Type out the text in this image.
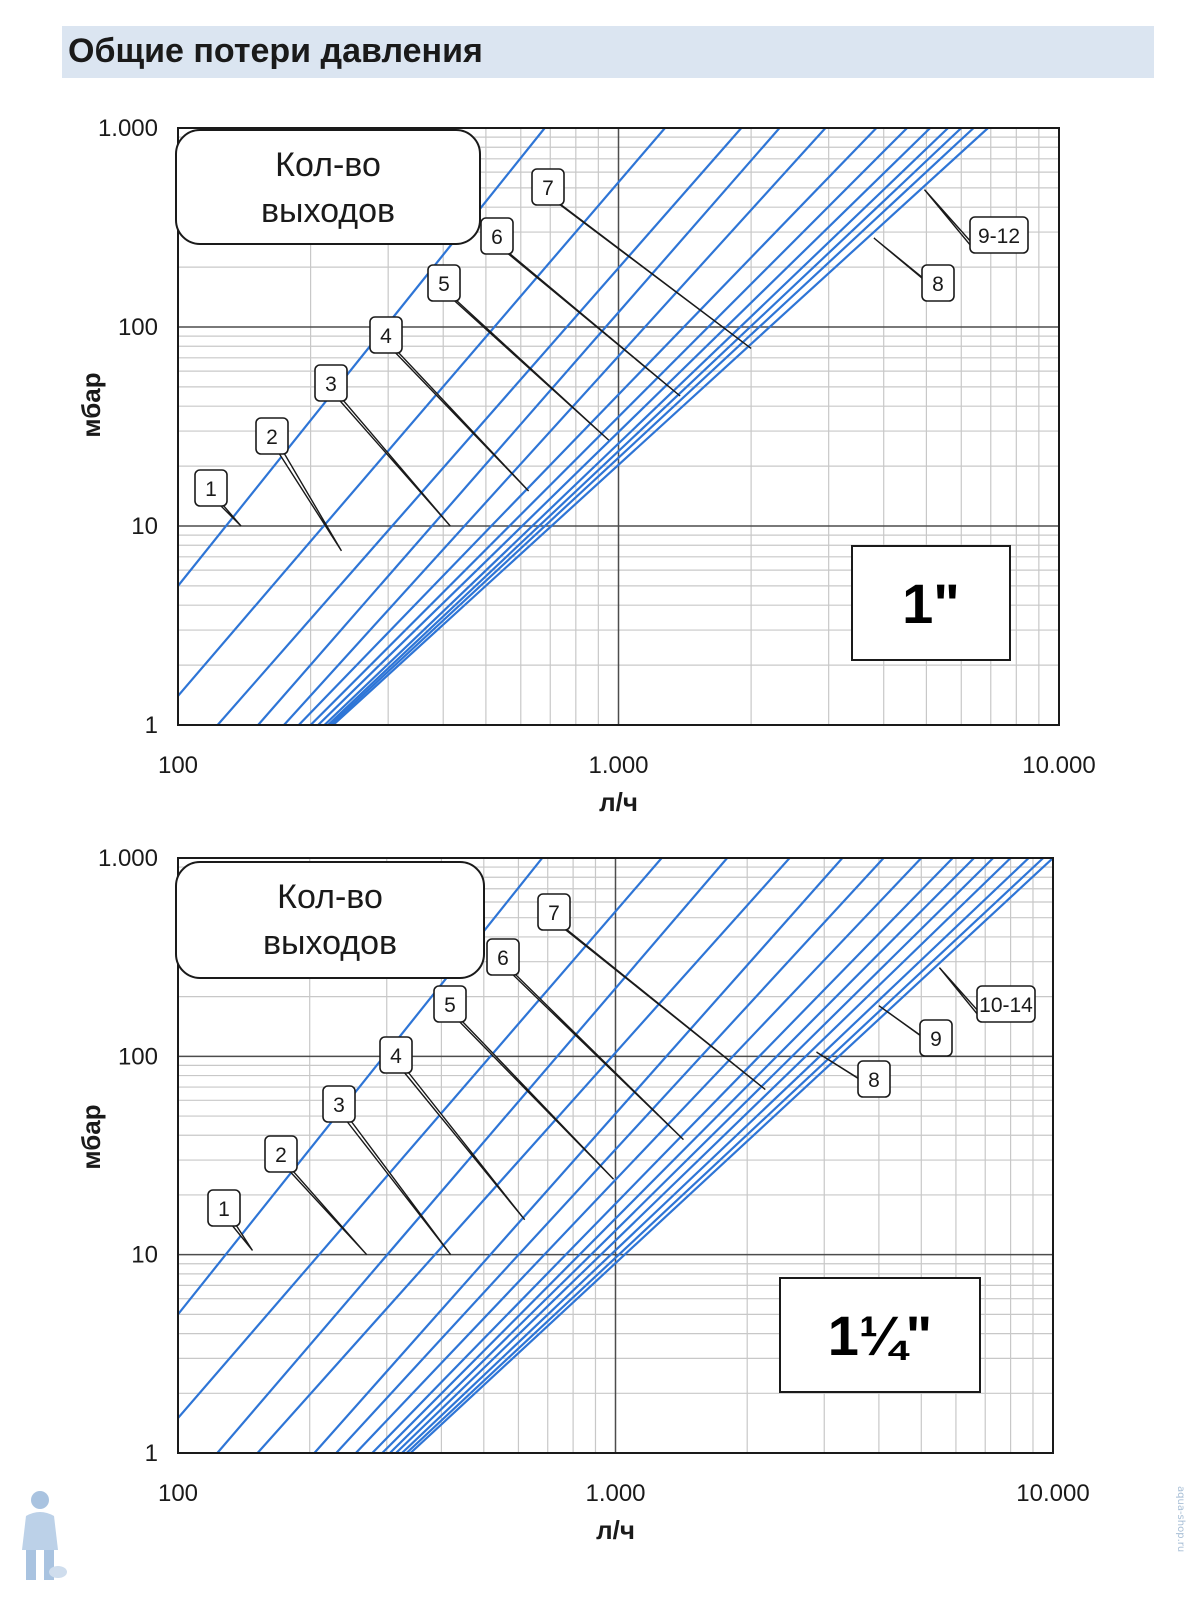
Общие потери давления
100	1.000	10.000
1
10
100
1.000
л/ч
мбар
Кол-во
выходов
1"
1
2
3
4
5
6
7
8
9-12
100	1.000	10.000
1
10
100
1.000
л/ч
мбар
Кол-во
выходов
1¼"
1
2
3
4
5
6
7
8
9
10-14
aqua-shop.ru
